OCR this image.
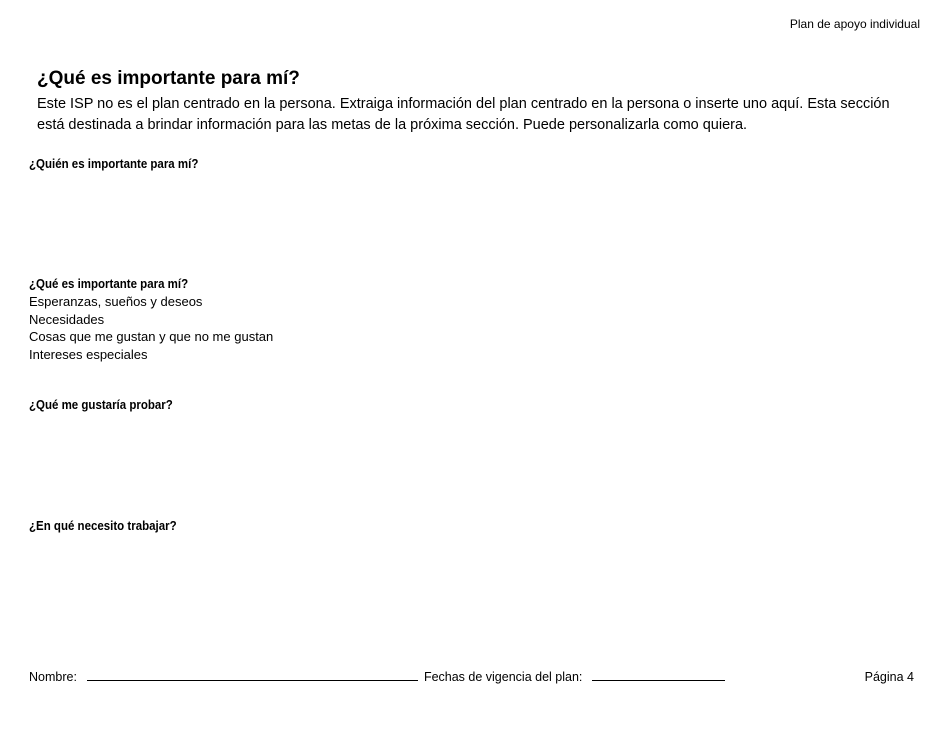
Plan de apoyo individual
¿Qué es importante para mí?

Este ISP no es el plan centrado en la persona. Extraiga información del plan centrado en la persona o inserte uno aquí. Esta sección está destinada a brindar información para las metas de la próxima sección. Puede personalizarla como quiera.

¿Quién es importante para mí?

¿Qué es importante para mí?

Esperanzas, sueños y deseos
Necesidades
Cosas que me gustan y que no me gustan
Intereses especiales

¿Qué me gustaría probar?

¿En qué necesito trabajar?

Nombre:	Fechas de vigencia del plan:	Página 4
